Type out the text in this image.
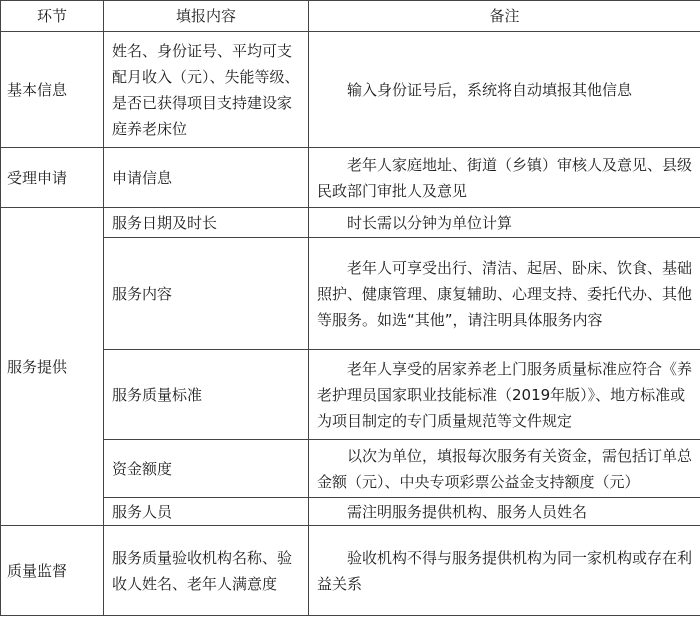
环节	填报内容	备注
基本信息	姓名、身份证号、平均可支配月收入（元）、失能等级、是否已获得项目支持建设家庭养老床位	输入身份证号后，系统将自动填报其他信息
受理申请	申请信息	老年人家庭地址、街道（乡镇）审核人及意见、县级民政部门审批人及意见
服务提供	服务日期及时长	时长需以分钟为单位计算
	服务内容	老年人可享受出行、清洁、起居、卧床、饮食、基础照护、健康管理、康复辅助、心理支持、委托代办、其他等服务。如选“其他”，请注明具体服务内容
	服务质量标准	老年人享受的居家养老上门服务质量标准应符合《养老护理员国家职业技能标准（2019年版）》、地方标准或为项目制定的专门质量规范等文件规定
	资金额度	以次为单位，填报每次服务有关资金，需包括订单总金额（元）、中央专项彩票公益金支持额度（元）
	服务人员	需注明服务提供机构、服务人员姓名
质量监督	服务质量验收机构名称、验收人姓名、老年人满意度	验收机构不得与服务提供机构为同一家机构或存在利益关系
